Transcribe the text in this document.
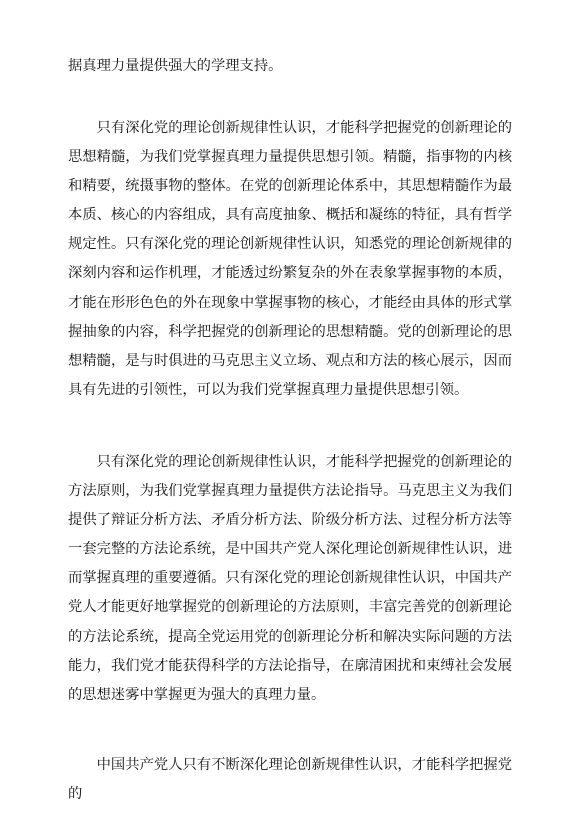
据真理力量提供强大的学理支持。

只有深化党的理论创新规律性认识，才能科学把握党的创新理论的思想精髓，为我们党掌握真理力量提供思想引领。精髓，指事物的内核和精要，统摄事物的整体。在党的创新理论体系中，其思想精髓作为最本质、核心的内容组成，具有高度抽象、概括和凝练的特征，具有哲学规定性。只有深化党的理论创新规律性认识，知悉党的理论创新规律的深刻内容和运作机理，才能透过纷繁复杂的外在表象掌握事物的本质，才能在形形色色的外在现象中掌握事物的核心，才能经由具体的形式掌握抽象的内容，科学把握党的创新理论的思想精髓。党的创新理论的思想精髓，是与时俱进的马克思主义立场、观点和方法的核心展示，因而具有先进的引领性，可以为我们党掌握真理力量提供思想引领。

只有深化党的理论创新规律性认识，才能科学把握党的创新理论的方法原则，为我们党掌握真理力量提供方法论指导。马克思主义为我们提供了辩证分析方法、矛盾分析方法、阶级分析方法、过程分析方法等一套完整的方法论系统，是中国共产党人深化理论创新规律性认识，进而掌握真理的重要遵循。只有深化党的理论创新规律性认识，中国共产党人才能更好地掌握党的创新理论的方法原则，丰富完善党的创新理论的方法论系统，提高全党运用党的创新理论分析和解决实际问题的方法能力，我们党才能获得科学的方法论指导，在廓清困扰和束缚社会发展的思想迷雾中掌握更为强大的真理力量。

中国共产党人只有不断深化理论创新规律性认识，才能科学把握党的
